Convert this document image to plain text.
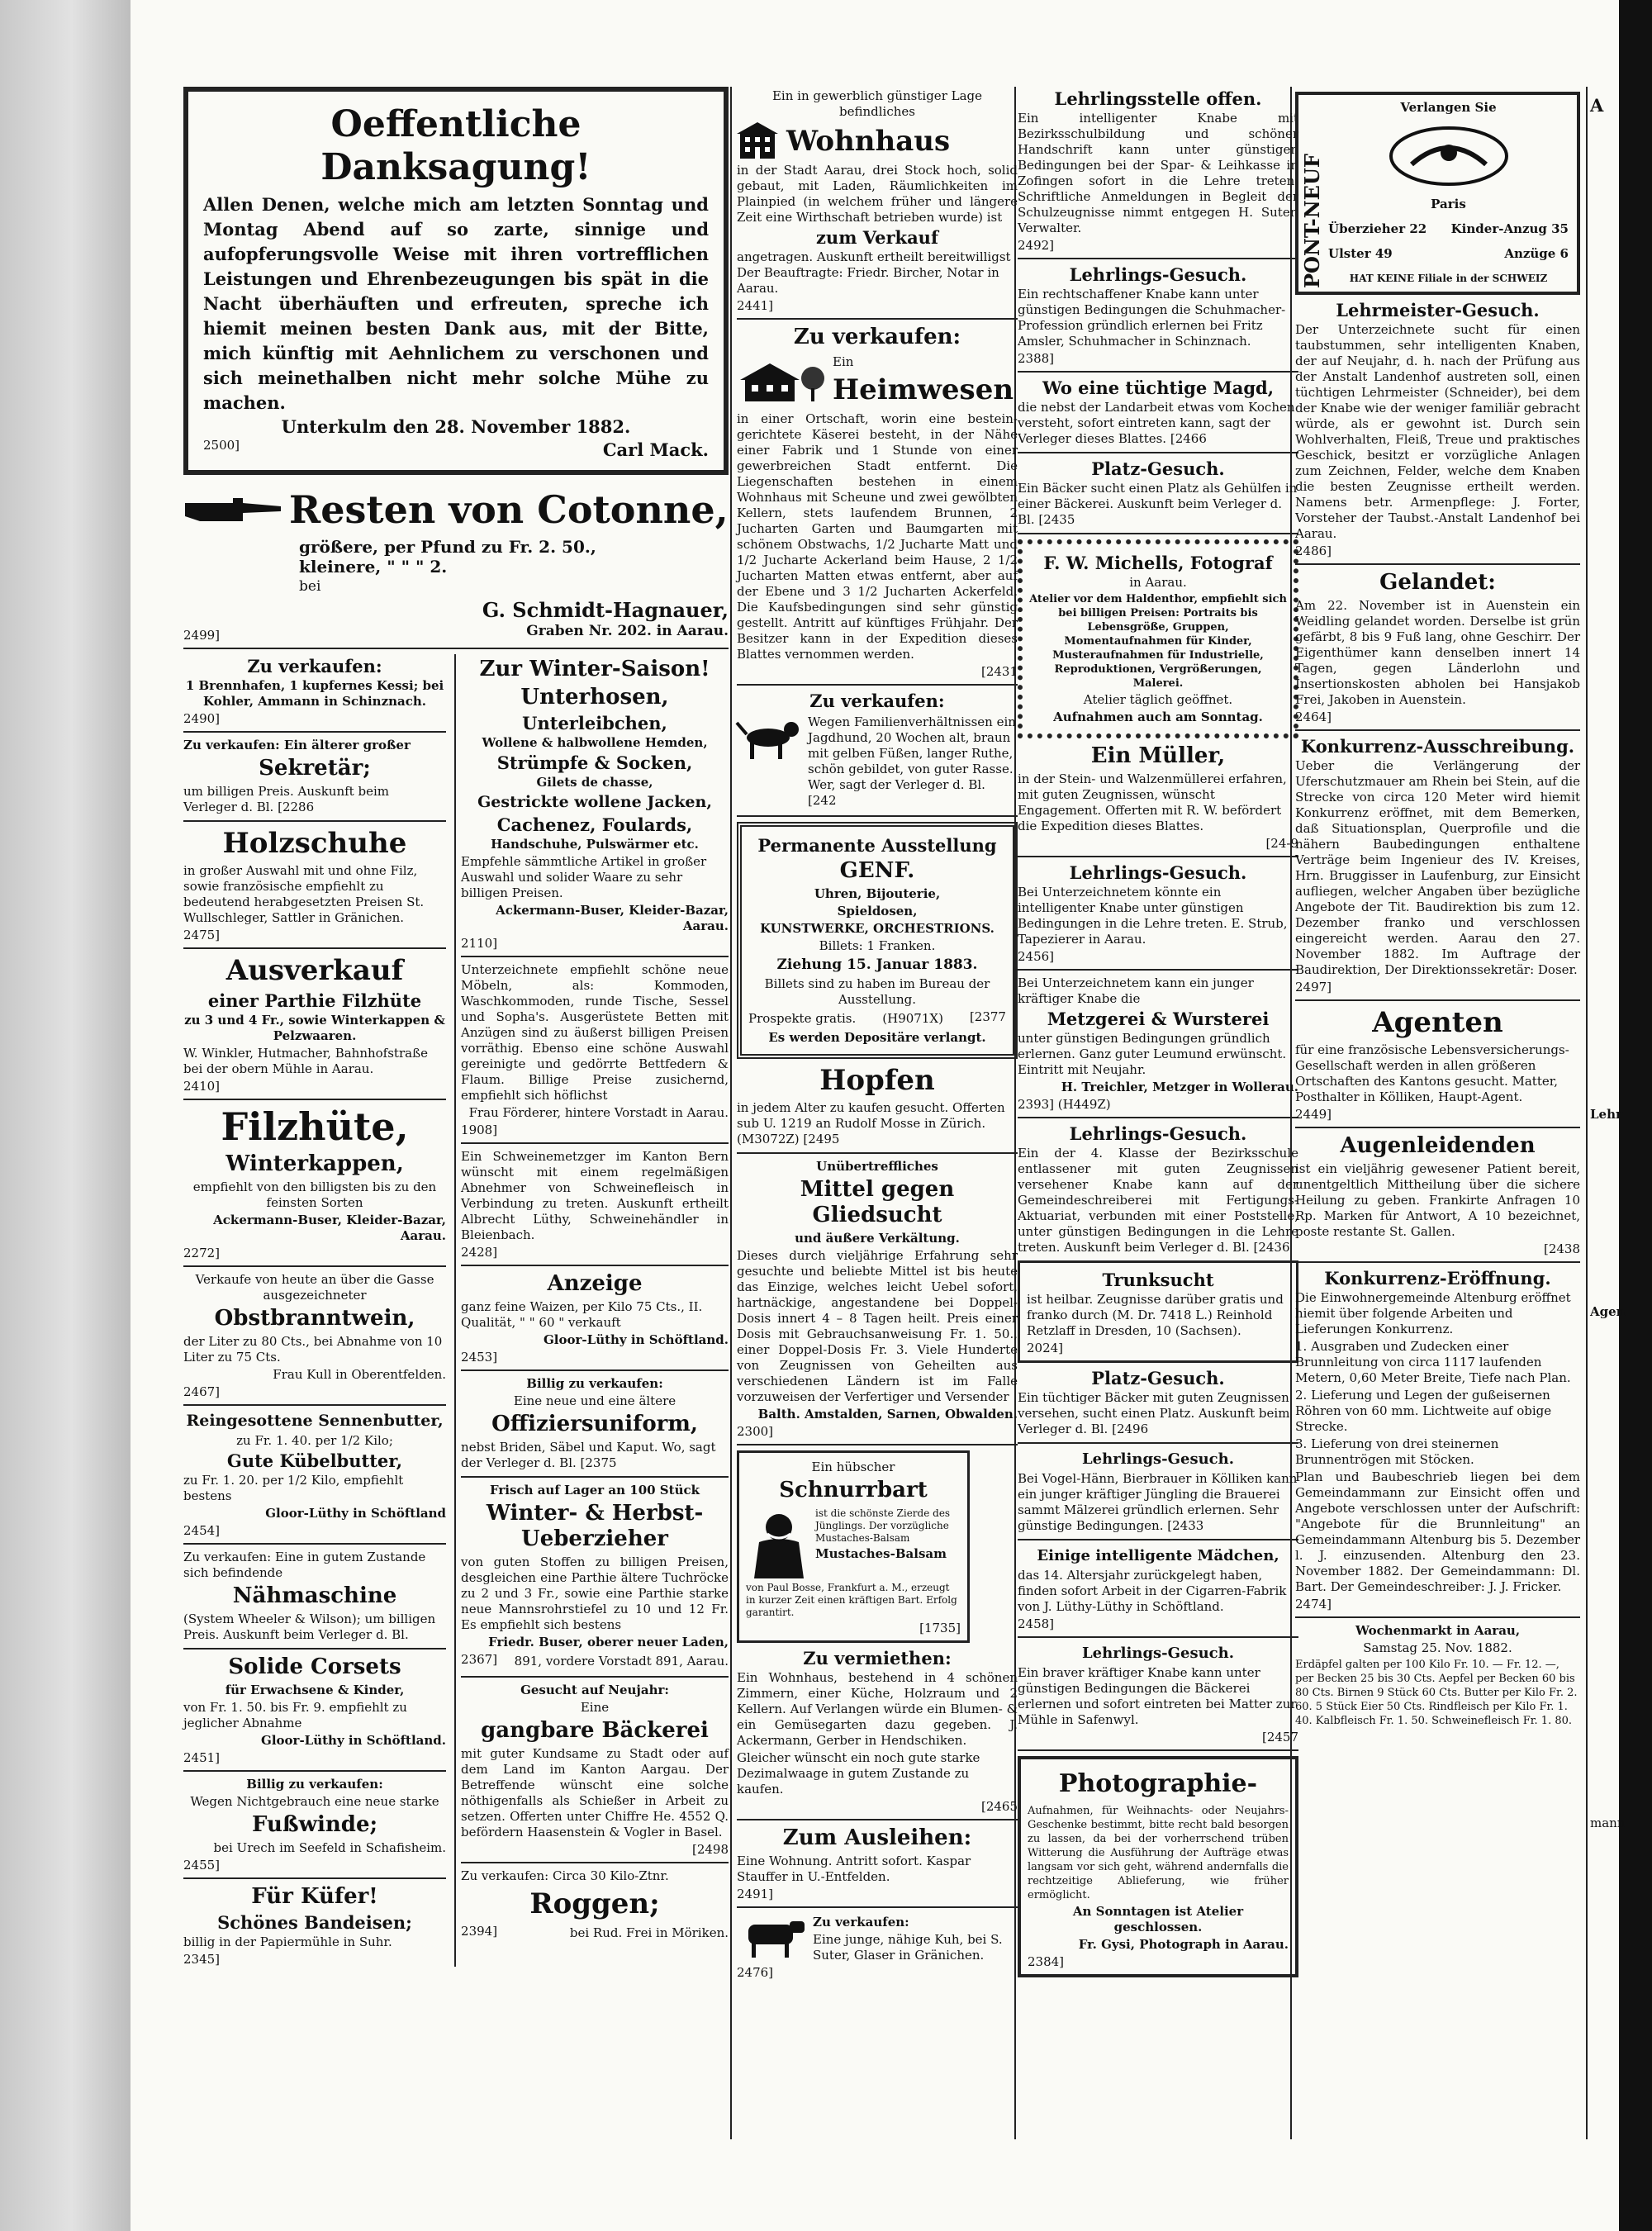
Oeffentliche Danksagung!
Allen Denen, welche mich am letzten Sonntag und Montag Abend auf so zarte, sinnige und aufopferungsvolle Weise mit ihren vortrefflichen Leistungen und Ehrenbezeugungen bis spät in die Nacht überhäuften und erfreuten, spreche ich hiemit meinen besten Dank aus, mit der Bitte, mich künftig mit Aehnlichem zu verschonen und sich meinethalben nicht mehr solche Mühe zu machen.
Unterkulm den 28. November 1882.
2500]	Carl Mack.
Resten von Cotonne,
größere, per Pfund zu Fr. 2. 50.,
kleinere, " " " 2.
bei
2499]
G. Schmidt-Hagnauer,
Graben Nr. 202. in Aarau.
Zu verkaufen:
1 Brennhafen, 1 kupfernes Kessi; bei Kohler, Ammann in Schinznach.
2490]
Zu verkaufen: Ein älterer großer
Sekretär;
um billigen Preis. Auskunft beim Verleger d. Bl. [2286
Holzschuhe
in großer Auswahl mit und ohne Filz, sowie französische empfiehlt zu bedeutend herabgesetzten Preisen St. Wullschleger, Sattler in Gränichen.
2475]
Ausverkauf
einer Parthie Filzhüte
zu 3 und 4 Fr., sowie Winterkappen & Pelzwaaren.
W. Winkler, Hutmacher, Bahnhofstraße bei der obern Mühle in Aarau.
2410]
Filzhüte,
Winterkappen,
empfiehlt von den billigsten bis zu den feinsten Sorten
Ackermann-Buser, Kleider-Bazar, Aarau.
2272]
Verkaufe von heute an über die Gasse ausgezeichneter
Obstbranntwein,
der Liter zu 80 Cts., bei Abnahme von 10 Liter zu 75 Cts.
Frau Kull in Oberentfelden.
2467]
Reingesottene Sennenbutter,
zu Fr. 1. 40. per 1/2 Kilo;
Gute Kübelbutter,
zu Fr. 1. 20. per 1/2 Kilo, empfiehlt bestens
Gloor-Lüthy in Schöftland
2454]
Zu verkaufen: Eine in gutem Zustande sich befindende
Nähmaschine
(System Wheeler & Wilson); um billigen Preis. Auskunft beim Verleger d. Bl.
Solide Corsets
für Erwachsene & Kinder,
von Fr. 1. 50. bis Fr. 9. empfiehlt zu jeglicher Abnahme
Gloor-Lüthy in Schöftland.
2451]
Billig zu verkaufen:
Wegen Nichtgebrauch eine neue starke
Fußwinde;
bei Urech im Seefeld in Schafisheim.
2455]
Für Küfer!
Schönes Bandeisen;
billig in der Papiermühle in Suhr.
2345]
Zur Winter-Saison!
Unterhosen,
Unterleibchen,
Wollene & halbwollene Hemden,
Strümpfe & Socken,
Gilets de chasse,
Gestrickte wollene Jacken,
Cachenez, Foulards,
Handschuhe, Pulswärmer etc.
Empfehle sämmtliche Artikel in großer Auswahl und solider Waare zu sehr billigen Preisen.
Ackermann-Buser, Kleider-Bazar, Aarau.
2110]
Unterzeichnete empfiehlt schöne neue Möbeln, als: Kommoden, Waschkommoden, runde Tische, Sessel und Sopha's. Ausgerüstete Betten mit Anzügen sind zu äußerst billigen Preisen vorräthig. Ebenso eine schöne Auswahl gereinigte und gedörrte Bettfedern & Flaum. Billige Preise zusichernd, empfiehlt sich höflichst
Frau Förderer, hintere Vorstadt in Aarau.
1908]
Ein Schweinemetzger im Kanton Bern wünscht mit einem regelmäßigen Abnehmer von Schweinefleisch in Verbindung zu treten. Auskunft ertheilt Albrecht Lüthy, Schweinehändler in Bleienbach.
2428]
Anzeige
ganz feine Waizen, per Kilo 75 Cts., II. Qualität, " " 60 " verkauft
Gloor-Lüthy in Schöftland.
2453]
Billig zu verkaufen:
Eine neue und eine ältere
Offiziersuniform,
nebst Briden, Säbel und Kaput. Wo, sagt der Verleger d. Bl. [2375
Frisch auf Lager an 100 Stück
Winter- & Herbst-Ueberzieher
von guten Stoffen zu billigen Preisen, desgleichen eine Parthie ältere Tuchröcke zu 2 und 3 Fr., sowie eine Parthie starke neue Mannsrohrstiefel zu 10 und 12 Fr. Es empfiehlt sich bestens
Friedr. Buser, oberer neuer Laden,
2367] 891, vordere Vorstadt 891, Aarau.
Gesucht auf Neujahr:
Eine
gangbare Bäckerei
mit guter Kundsame zu Stadt oder auf dem Land im Kanton Aargau. Der Betreffende wünscht eine solche nöthigenfalls als Schießer in Arbeit zu setzen. Offerten unter Chiffre He. 4552 Q. befördern Haasenstein & Vogler in Basel.
[2498
Zu verkaufen: Circa 30 Kilo-Ztnr.
Roggen;
2394]	bei Rud. Frei in Möriken.
Ein in gewerblich günstiger Lage befindliches
Wohnhaus
in der Stadt Aarau, drei Stock hoch, solid gebaut, mit Laden, Räumlichkeiten im Plainpied (in welchem früher und längere Zeit eine Wirthschaft betrieben wurde) ist
zum Verkauf
angetragen. Auskunft ertheilt bereitwilligst Der Beauftragte: Friedr. Bircher, Notar in Aarau.
2441]
Zu verkaufen:
Ein
Heimwesen
in einer Ortschaft, worin eine bestein- gerichtete Käserei besteht, in der Nähe einer Fabrik und 1 Stunde von einer gewerbreichen Stadt entfernt. Die Liegenschaften bestehen in einem Wohnhaus mit Scheune und zwei gewölbten Kellern, stets laufendem Brunnen, 2 Jucharten Garten und Baumgarten mit schönem Obstwachs, 1/2 Jucharte Matt und 1/2 Jucharte Ackerland beim Hause, 2 1/2 Jucharten Matten etwas entfernt, aber auf der Ebene und 3 1/2 Jucharten Ackerfeld. Die Kaufsbedingungen sind sehr günstig gestellt. Antritt auf künftiges Frühjahr. Der Besitzer kann in der Expedition dieses Blattes vernommen werden.
[2431
Zu verkaufen:
Wegen Familienverhältnissen ein Jagdhund, 20 Wochen alt, braun mit gelben Füßen, langer Ruthe, schön gebildet, von guter Rasse. Wer, sagt der Verleger d. Bl. [242
Permanente Ausstellung
GENF.
Uhren, Bijouterie,
Spieldosen,
KUNSTWERKE, ORCHESTRIONS.
Billets: 1 Franken.
Ziehung 15. Januar 1883.
Billets sind zu haben im Bureau der Ausstellung.
Prospekte gratis. (H9071X) [2377
Es werden Depositäre verlangt.
Hopfen
in jedem Alter zu kaufen gesucht. Offerten sub U. 1219 an Rudolf Mosse in Zürich. (M3072Z) [2495
Unübertreffliches
Mittel gegen Gliedsucht
und äußere Verkältung.
Dieses durch vieljährige Erfahrung sehr gesuchte und beliebte Mittel ist bis heute das Einzige, welches leicht Uebel sofort, hartnäckige, angestandene bei Doppel-Dosis innert 4 – 8 Tagen heilt. Preis einer Dosis mit Gebrauchsanweisung Fr. 1. 50., einer Doppel-Dosis Fr. 3. Viele Hunderte von Zeugnissen von Geheilten aus verschiedenen Ländern ist im Falle vorzuweisen der Verfertiger und Versender
Balth. Amstalden, Sarnen, Obwalden.
2300]
Ein hübscher
Schnurrbart
ist die schönste Zierde des Jünglings. Der vorzügliche Mustaches-Balsam
Mustaches-Balsam
von Paul Bosse, Frankfurt a. M., erzeugt in kurzer Zeit einen kräftigen Bart. Erfolg garantirt.
[1735]
Zu vermiethen:
Ein Wohnhaus, bestehend in 4 schönen Zimmern, einer Küche, Holzraum und 2 Kellern. Auf Verlangen würde ein Blumen- & ein Gemüsegarten dazu gegeben. J. Ackermann, Gerber in Hendschiken.
Gleicher wünscht ein noch gute starke Dezimalwaage in gutem Zustande zu kaufen.
[2465
Zum Ausleihen:
Eine Wohnung. Antritt sofort. Kaspar Stauffer in U.-Entfelden.
2491]
Zu verkaufen:
Eine junge, nähige Kuh, bei S. Suter, Glaser in Gränichen.
2476]
Lehrlingsstelle offen.
Ein intelligenter Knabe mit Bezirksschulbildung und schöner Handschrift kann unter günstigen Bedingungen bei der Spar- & Leihkasse in Zofingen sofort in die Lehre treten. Schriftliche Anmeldungen in Begleit der Schulzeugnisse nimmt entgegen H. Suter, Verwalter.
2492]
Lehrlings-Gesuch.
Ein rechtschaffener Knabe kann unter günstigen Bedingungen die Schuhmacher-Profession gründlich erlernen bei Fritz Amsler, Schuhmacher in Schinznach.
2388]
Wo eine tüchtige Magd,
die nebst der Landarbeit etwas vom Kochen versteht, sofort eintreten kann, sagt der Verleger dieses Blattes. [2466
Platz-Gesuch.
Ein Bäcker sucht einen Platz als Gehülfen in einer Bäckerei. Auskunft beim Verleger d. Bl. [2435
F. W. Michells, Fotograf
in Aarau.
Atelier vor dem Haldenthor, empfiehlt sich bei billigen Preisen: Portraits bis Lebensgröße, Gruppen, Momentaufnahmen für Kinder, Musteraufnahmen für Industrielle, Reproduktionen, Vergrößerungen, Malerei.
Atelier täglich geöffnet.
Aufnahmen auch am Sonntag.
Ein Müller,
in der Stein- und Walzenmüllerei erfahren, mit guten Zeugnissen, wünscht Engagement. Offerten mit R. W. befördert die Expedition dieses Blattes.
[24-9
Lehrlings-Gesuch.
Bei Unterzeichnetem könnte ein intelligenter Knabe unter günstigen Bedingungen in die Lehre treten. E. Strub, Tapezierer in Aarau.
2456]
Bei Unterzeichnetem kann ein junger kräftiger Knabe die
Metzgerei & Wursterei
unter günstigen Bedingungen gründlich erlernen. Ganz guter Leumund erwünscht. Eintritt mit Neujahr.
H. Treichler, Metzger in Wollerau.
2393] (H449Z)
Lehrlings-Gesuch.
Ein der 4. Klasse der Bezirksschule entlassener mit guten Zeugnissen versehener Knabe kann auf der Gemeindeschreiberei mit Fertigungs-Aktuariat, verbunden mit einer Poststelle, unter günstigen Bedingungen in die Lehre treten. Auskunft beim Verleger d. Bl. [2436
Trunksucht
ist heilbar. Zeugnisse darüber gratis und franko durch (M. Dr. 7418 L.) Reinhold Retzlaff in Dresden, 10 (Sachsen).
2024]
Platz-Gesuch.
Ein tüchtiger Bäcker mit guten Zeugnissen versehen, sucht einen Platz. Auskunft beim Verleger d. Bl. [2496
Lehrlings-Gesuch.
Bei Vogel-Hänn, Bierbrauer in Kölliken kann ein junger kräftiger Jüngling die Brauerei sammt Mälzerei gründlich erlernen. Sehr günstige Bedingungen. [2433
Einige intelligente Mädchen,
das 14. Altersjahr zurückgelegt haben, finden sofort Arbeit in der Cigarren-Fabrik von J. Lüthy-Lüthy in Schöftland.
2458]
Lehrlings-Gesuch.
Ein braver kräftiger Knabe kann unter günstigen Bedingungen die Bäckerei erlernen und sofort eintreten bei Matter zur Mühle in Safenwyl.
[2457
Photographie-
Aufnahmen, für Weihnachts- oder Neujahrs-Geschenke bestimmt, bitte recht bald besorgen zu lassen, da bei der vorherrschend trüben Witterung die Ausführung der Aufträge etwas langsam vor sich geht, während andernfalls die rechtzeitige Ablieferung, wie früher ermöglicht.
An Sonntagen ist Atelier geschlossen.
Fr. Gysi, Photograph in Aarau.
2384]
PONT-NEUF
Verlangen Sie
Paris
Überzieher 22 Kinder-Anzug 35
Ulster 49	Anzüge 6
HAT KEINE Filiale in der SCHWEIZ
Lehrmeister-Gesuch.
Der Unterzeichnete sucht für einen taubstummen, sehr intelligenten Knaben, der auf Neujahr, d. h. nach der Prüfung aus der Anstalt Landenhof austreten soll, einen tüchtigen Lehrmeister (Schneider), bei dem der Knabe wie der weniger familiär gebracht würde, als er gewohnt ist. Durch sein Wohlverhalten, Fleiß, Treue und praktisches Geschick, besitzt er vorzügliche Anlagen zum Zeichnen, Felder, welche dem Knaben die besten Zeugnisse ertheilt werden. Namens betr. Armenpflege: J. Forter, Vorsteher der Taubst.-Anstalt Landenhof bei Aarau.
2486]
Gelandet:
Am 22. November ist in Auenstein ein Weidling gelandet worden. Derselbe ist grün gefärbt, 8 bis 9 Fuß lang, ohne Geschirr. Der Eigenthümer kann denselben innert 14 Tagen, gegen Länderlohn und Insertionskosten abholen bei Hansjakob Frei, Jakoben in Auenstein.
2464]
Konkurrenz-Ausschreibung.
Ueber die Verlängerung der Uferschutzmauer am Rhein bei Stein, auf die Strecke von circa 120 Meter wird hiemit Konkurrenz eröffnet, mit dem Bemerken, daß Situationsplan, Querprofile und die nähern Baubedingungen enthaltene Verträge beim Ingenieur des IV. Kreises, Hrn. Bruggisser in Laufenburg, zur Einsicht aufliegen, welcher Angaben über bezügliche Angebote der Tit. Baudirektion bis zum 12. Dezember franko und verschlossen eingereicht werden. Aarau den 27. November 1882. Im Auftrage der Baudirektion, Der Direktionssekretär: Doser.
2497]
Agenten
für eine französische Lebensversicherungs-Gesellschaft werden in allen größeren Ortschaften des Kantons gesucht. Matter, Posthalter in Kölliken, Haupt-Agent.
2449]
Augenleidenden
ist ein vieljährig gewesener Patient bereit, unentgeltlich Mittheilung über die sichere Heilung zu geben. Frankirte Anfragen 10 Rp. Marken für Antwort, A 10 bezeichnet, poste restante St. Gallen.
[2438
Konkurrenz-Eröffnung.
Die Einwohnergemeinde Altenburg eröffnet hiemit über folgende Arbeiten und Lieferungen Konkurrenz.
1. Ausgraben und Zudecken einer Brunnleitung von circa 1117 laufenden Metern, 0,60 Meter Breite, Tiefe nach Plan.
2. Lieferung und Legen der gußeisernen Röhren von 60 mm. Lichtweite auf obige Strecke.
3. Lieferung von drei steinernen Brunnentrögen mit Stöcken.
Plan und Baubeschrieb liegen bei dem Gemeindammann zur Einsicht offen und Angebote verschlossen unter der Aufschrift: "Angebote für die Brunnleitung" an Gemeindammann Altenburg bis 5. Dezember l. J. einzusenden. Altenburg den 23. November 1882. Der Gemeindammann: Dl. Bart. Der Gemeindeschreiber: J. J. Fricker.
2474]
Wochenmarkt in Aarau,
Samstag 25. Nov. 1882.
Erdäpfel galten per 100 Kilo Fr. 10. — Fr. 12. —, per Becken 25 bis 30 Cts. Aepfel per Becken 60 bis 80 Cts. Birnen 9 Stück 60 Cts. Butter per Kilo Fr. 2. 60. 5 Stück Eier 50 Cts. Rindfleisch per Kilo Fr. 1. 40. Kalbfleisch Fr. 1. 50. Schweinefleisch Fr. 1. 80.
A
Lehr
Agen
mann
